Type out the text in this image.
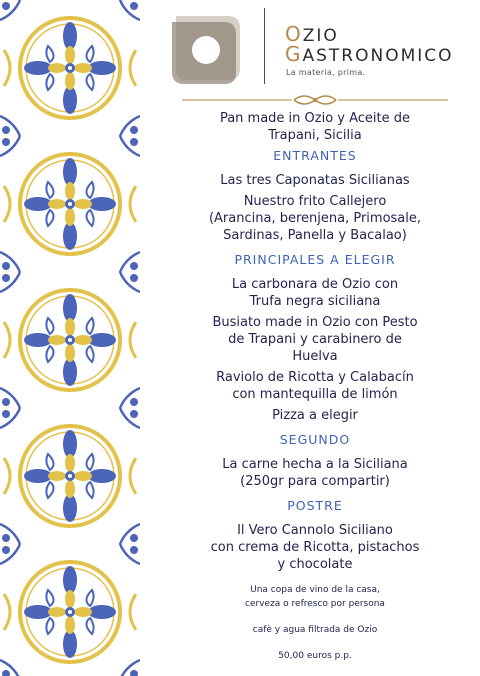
OZIO
GASTRONOMICO
La materia, prima.

Pan made in Ozio y Aceite de

Trapani, Sicilia

ENTRANTES

Las tres Caponatas Sicilianas

Nuestro frito Callejero

(Arancina, berenjena, Primosale,

Sardinas, Panella y Bacalao)

PRINCIPALES A ELEGIR

La carbonara de Ozio con

Trufa negra siciliana

Busiato made in Ozio con Pesto

de Trapani y carabinero de

Huelva

Raviolo de Ricotta y Calabacín

con mantequilla de limón

Pizza a elegir

SEGUNDO

La carne hecha a la Siciliana

(250gr para compartir)

POSTRE

Il Vero Cannolo Siciliano

con crema de Ricotta, pistachos

y chocolate

Una copa de vino de la casa,

cerveza o refresco por persona

cafè y agua filtrada de Ozio

50,00 euros p.p.
